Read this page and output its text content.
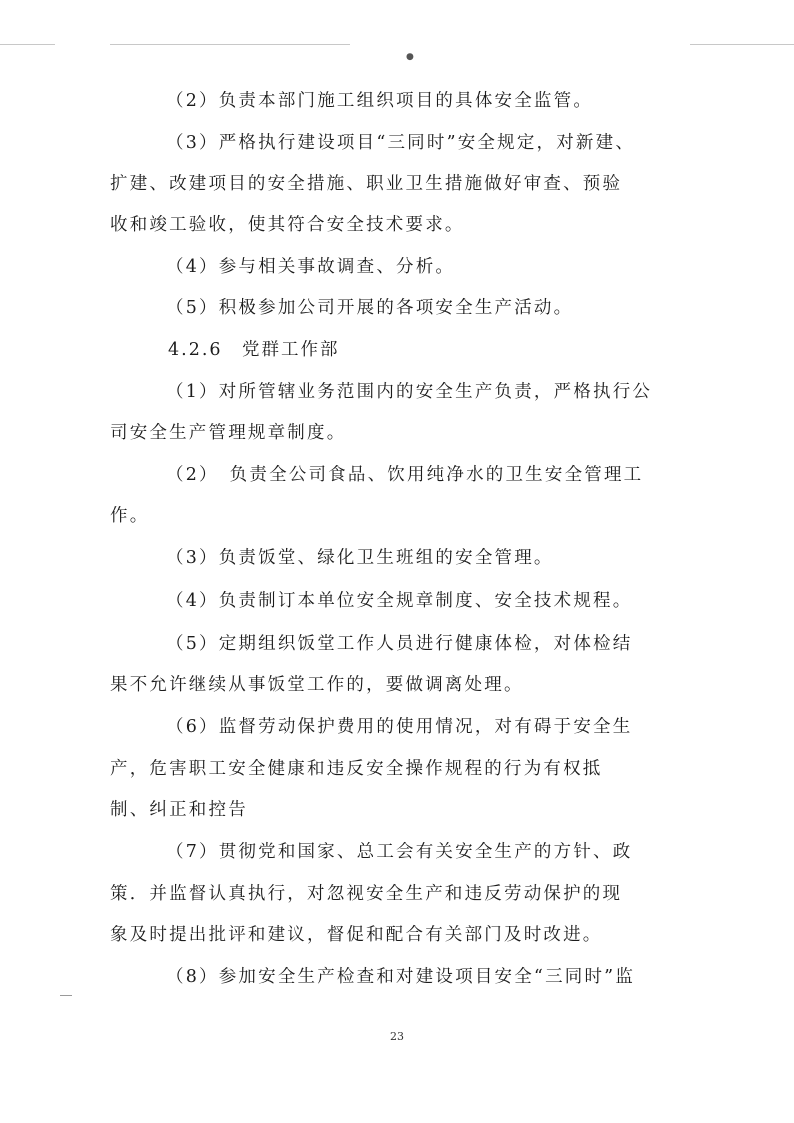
●
（2）负责本部门施工组织项目的具体安全监管。
（3）严格执行建设项目“三同时”安全规定，对新建、
扩建、改建项目的安全措施、职业卫生措施做好审查、预验
收和竣工验收，使其符合安全技术要求。
（4）参与相关事故调查、分析。
（5）积极参加公司开展的各项安全生产活动。
4.2.6　党群工作部
（1）对所管辖业务范围内的安全生产负责，严格执行公
司安全生产管理规章制度。
（2）　负责全公司食品、饮用纯净水的卫生安全管理工
作。
（3）负责饭堂、绿化卫生班组的安全管理。
（4）负责制订本单位安全规章制度、安全技术规程。
（5）定期组织饭堂工作人员进行健康体检，对体检结
果不允许继续从事饭堂工作的，要做调离处理。
（6）监督劳动保护费用的使用情况，对有碍于安全生
产，危害职工安全健康和违反安全操作规程的行为有权抵
制、纠正和控告
（7）贯彻党和国家、总工会有关安全生产的方针、政
策．并监督认真执行，对忽视安全生产和违反劳动保护的现
象及时提出批评和建议，督促和配合有关部门及时改进。
（8）参加安全生产检查和对建设项目安全“三同时”监
23
